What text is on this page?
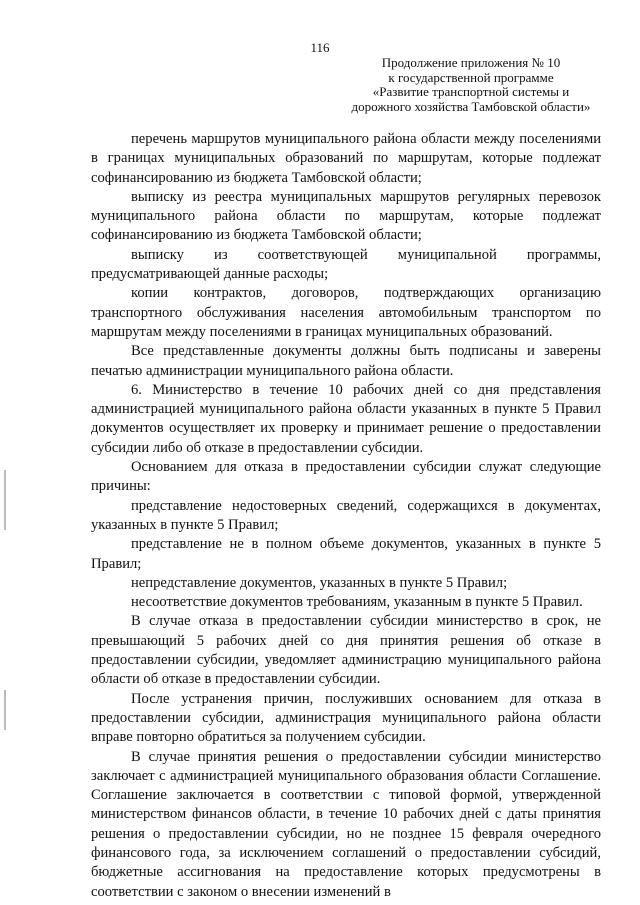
116
Продолжение приложения № 10
к государственной программе
«Развитие транспортной системы и
дорожного хозяйства Тамбовской области»

перечень маршрутов муниципального района области между поселениями в границах муниципальных образований по маршрутам, которые подлежат софинансированию из бюджета Тамбовской области;

выписку из реестра муниципальных маршрутов регулярных перевозок муниципального района области по маршрутам, которые подлежат софинансированию из бюджета Тамбовской области;

выписку из соответствующей муниципальной программы, предусматривающей данные расходы;

копии контрактов, договоров, подтверждающих организацию транспортного обслуживания населения автомобильным транспортом по маршрутам между поселениями в границах муниципальных образований.

Все представленные документы должны быть подписаны и заверены печатью администрации муниципального района области.

6. Министерство в течение 10 рабочих дней со дня представления администрацией муниципального района области указанных в пункте 5 Правил документов осуществляет их проверку и принимает решение о предоставлении субсидии либо об отказе в предоставлении субсидии.

Основанием для отказа в предоставлении субсидии служат следующие причины:

представление недостоверных сведений, содержащихся в документах, указанных в пункте 5 Правил;

представление не в полном объеме документов, указанных в пункте 5 Правил;

непредставление документов, указанных в пункте 5 Правил;

несоответствие документов требованиям, указанным в пункте 5 Правил.

В случае отказа в предоставлении субсидии министерство в срок, не превышающий 5 рабочих дней со дня принятия решения об отказе в предоставлении субсидии, уведомляет администрацию муниципального района области об отказе в предоставлении субсидии.

После устранения причин, послуживших основанием для отказа в предоставлении субсидии, администрация муниципального района области вправе повторно обратиться за получением субсидии.

В случае принятия решения о предоставлении субсидии министерство заключает с администрацией муниципального образования области Соглашение. Соглашение заключается в соответствии с типовой формой, утвержденной министерством финансов области, в течение 10 рабочих дней с даты принятия решения о предоставлении субсидии, но не позднее 15 февраля очередного финансового года, за исключением соглашений о предоставлении субсидий, бюджетные ассигнования на предоставление которых предусмотрены в соответствии с законом о внесении изменений в
